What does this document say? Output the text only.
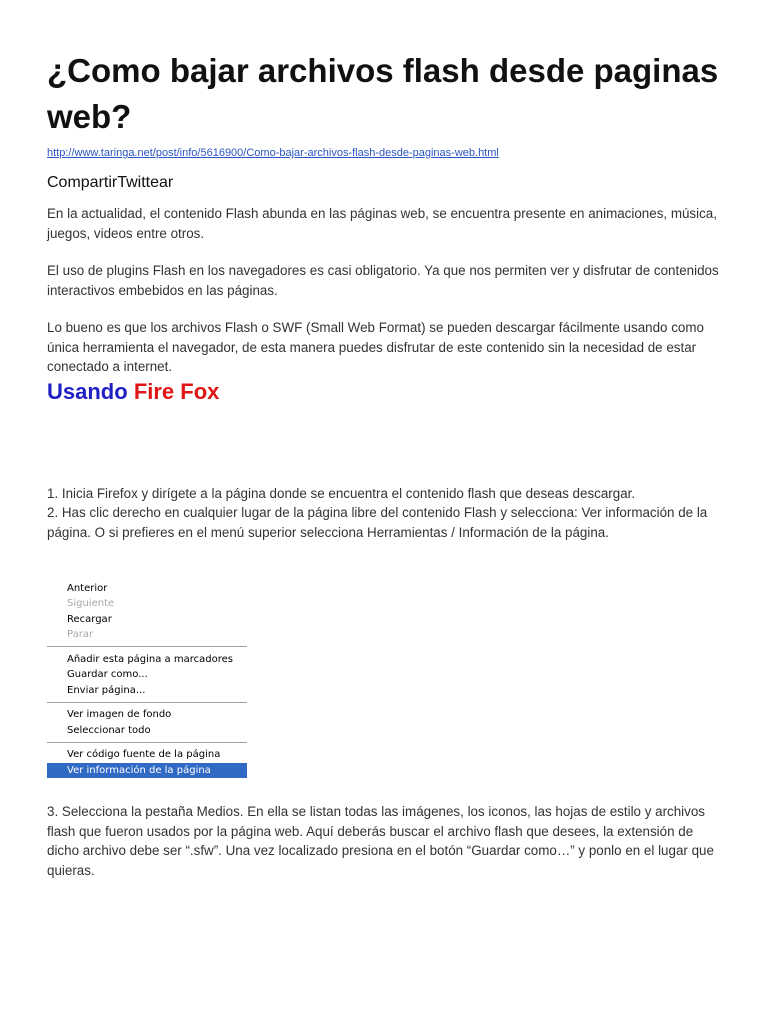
¿Como bajar archivos flash desde paginas web?
http://www.taringa.net/post/info/5616900/Como-bajar-archivos-flash-desde-paginas-web.html
CompartirTwittear

En la actualidad, el contenido Flash abunda en las páginas web, se encuentra presente en animaciones, música, juegos, videos entre otros.

El uso de plugins Flash en los navegadores es casi obligatorio. Ya que nos permiten ver y disfrutar de contenidos interactivos embebidos en las páginas.

Lo bueno es que los archivos Flash o SWF (Small Web Format) se pueden descargar fácilmente usando como única herramienta el navegador, de esta manera puedes disfrutar de este contenido sin la necesidad de estar conectado a internet.

Usando Fire Fox

1. Inicia Firefox y dirígete a la página donde se encuentra el contenido flash que deseas descargar.

2. Has clic derecho en cualquier lugar de la página libre del contenido Flash y selecciona: Ver información de la página. O si prefieres en el menú superior selecciona Herramientas / Información de la página.

Anterior
Siguiente
Recargar
Parar
Añadir esta página a marcadores
Guardar como...
Enviar página...
Ver imagen de fondo
Seleccionar todo
Ver código fuente de la página
Ver información de la página

3. Selecciona la pestaña Medios. En ella se listan todas las imágenes, los iconos, las hojas de estilo y archivos flash que fueron usados por la página web. Aquí deberás buscar el archivo flash que desees, la extensión de dicho archivo debe ser “.sfw”. Una vez localizado presiona en el botón “Guardar como…” y ponlo en el lugar que quieras.
